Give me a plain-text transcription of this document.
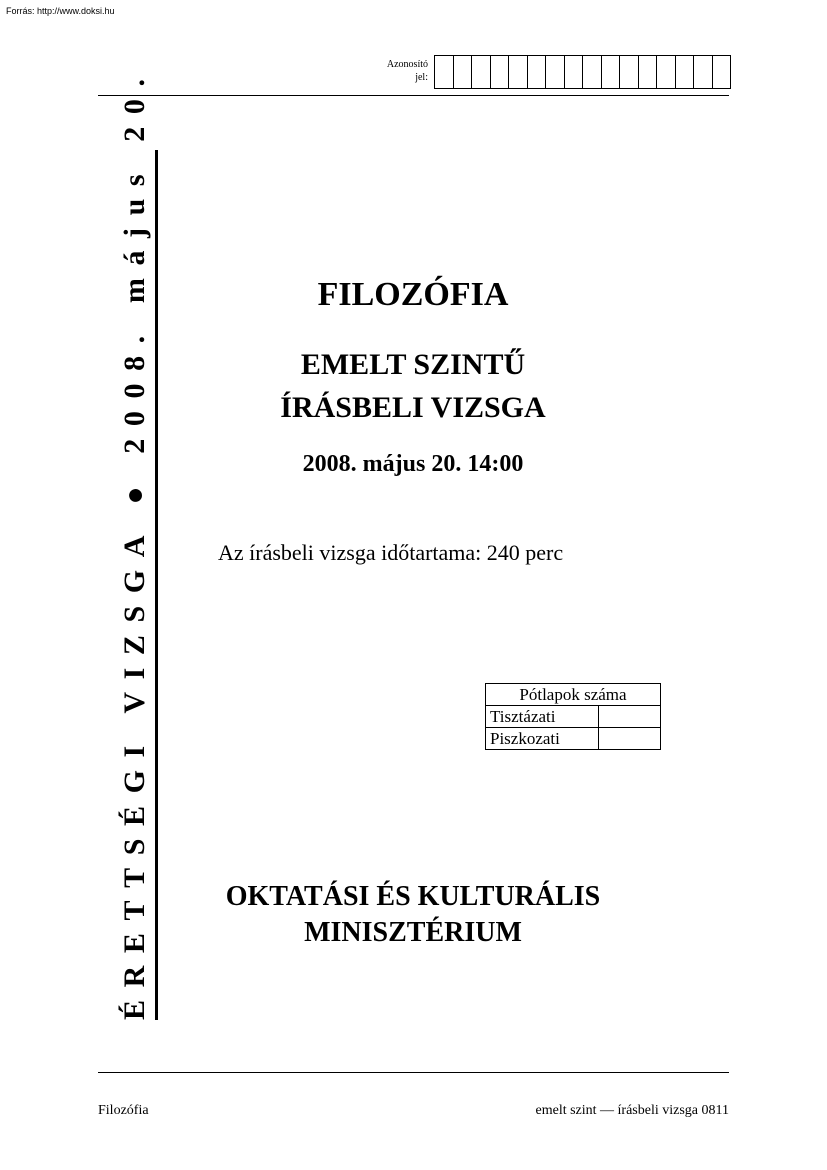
Forrás: http://www.doksi.hu
Azonosító
jel:
ÉRETTSÉGI VIZSGA ● 2008. május 20.	FILOZÓFIA
EMELT SZINTŰ
ÍRÁSBELI VIZSGA
2008. május 20. 14:00
Az írásbeli vizsga időtartama: 240 perc
Pótlapok száma	
Tisztázati	
Piszkozati	
OKTATÁSI ÉS KULTURÁLIS
MINISZTÉRIUM
Filozófia	emelt szint — írásbeli vizsga 0811
